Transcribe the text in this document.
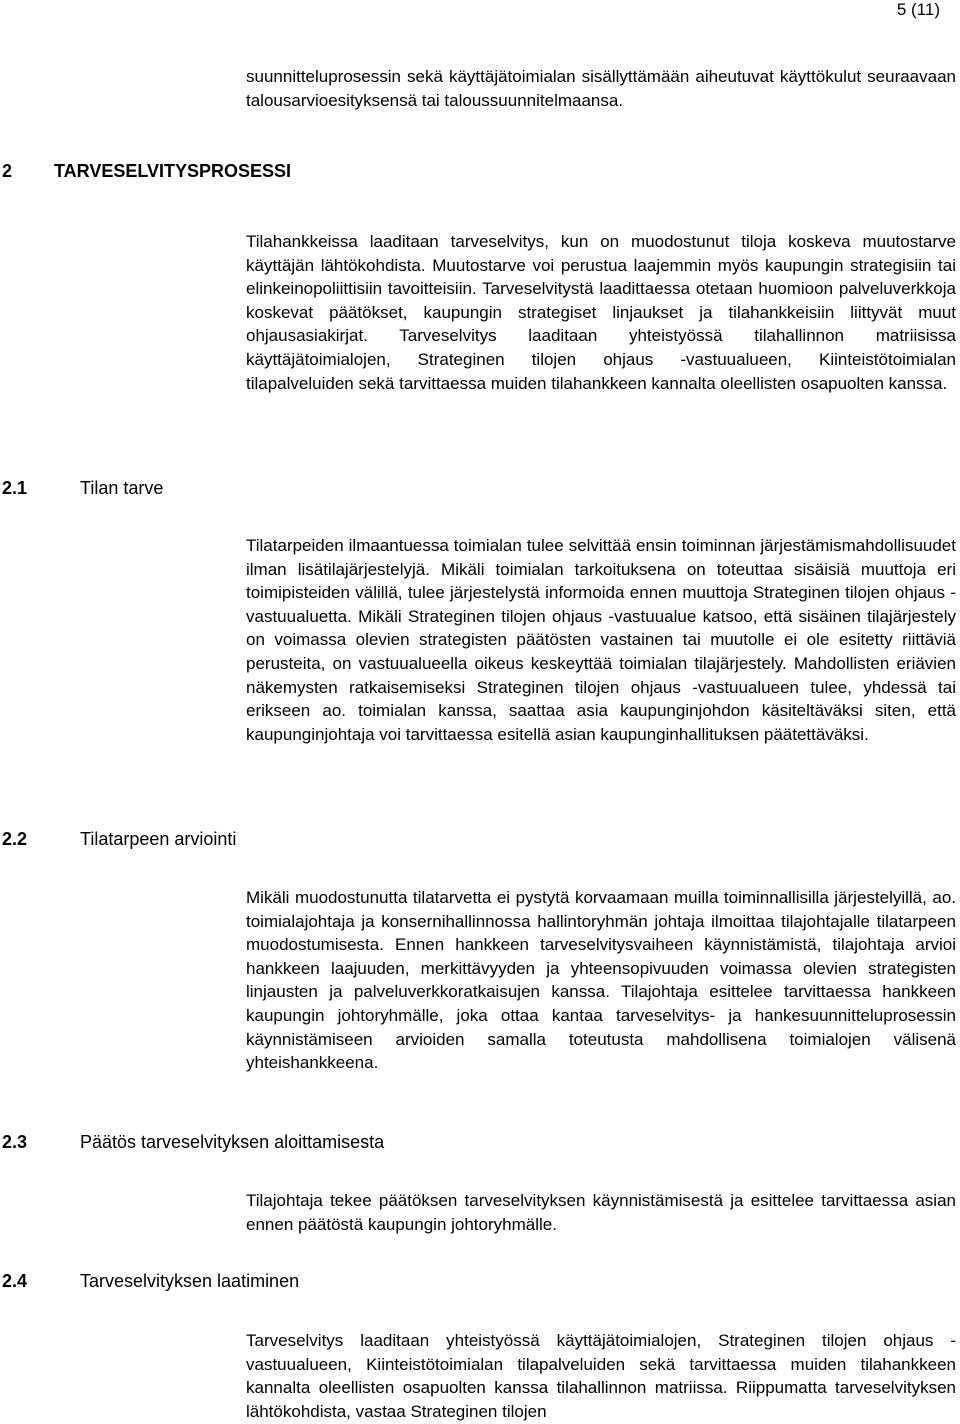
5 (11)

suunnitteluprosessin sekä käyttäjätoimialan sisällyttämään aiheutuvat käyttökulut seuraavaan talousarvioesityksensä tai taloussuunnitelmaansa.

2 TARVESELVITYSPROSESSI

Tilahankkeissa laaditaan tarveselvitys, kun on muodostunut tiloja koskeva muutostarve käyttäjän lähtökohdista. Muutostarve voi perustua laajemmin myös kaupungin strategisiin tai elinkeinopoliittisiin tavoitteisiin. Tarveselvitystä laadittaessa otetaan huomioon palveluverkkoja koskevat päätökset, kaupungin strategiset linjaukset ja tilahankkeisiin liittyvät muut ohjausasiakirjat. Tarveselvitys laaditaan yhteistyössä tilahallinnon matriisissa käyttäjätoimialojen, Strateginen tilojen ohjaus -vastuualueen, Kiinteistötoimialan tilapalveluiden sekä tarvittaessa muiden tilahankkeen kannalta oleellisten osapuolten kanssa.

2.1	Tilan tarve

Tilatarpeiden ilmaantuessa toimialan tulee selvittää ensin toiminnan järjestämismahdollisuudet ilman lisätilajärjestelyjä. Mikäli toimialan tarkoituksena on toteuttaa sisäisiä muuttoja eri toimipisteiden välillä, tulee järjestelystä informoida ennen muuttoja Strateginen tilojen ohjaus -vastuualuetta. Mikäli Strateginen tilojen ohjaus -vastuualue katsoo, että sisäinen tilajärjestely on voimassa olevien strategisten päätösten vastainen tai muutolle ei ole esitetty riittäviä perusteita, on vastuualueella oikeus keskeyttää toimialan tilajärjestely. Mahdollisten eriävien näkemysten ratkaisemiseksi Strateginen tilojen ohjaus -vastuualueen tulee, yhdessä tai erikseen ao. toimialan kanssa, saattaa asia kaupunginjohdon käsiteltäväksi siten, että kaupunginjohtaja voi tarvittaessa esitellä asian kaupunginhallituksen päätettäväksi.

2.2	Tilatarpeen arviointi

Mikäli muodostunutta tilatarvetta ei pystytä korvaamaan muilla toiminnallisilla järjestelyillä, ao. toimialajohtaja ja konsernihallinnossa hallintoryhmän johtaja ilmoittaa tilajohtajalle tilatarpeen muodostumisesta. Ennen hankkeen tarveselvitysvaiheen käynnistämistä, tilajohtaja arvioi hankkeen laajuuden, merkittävyyden ja yhteensopivuuden voimassa olevien strategisten linjausten ja palveluverkkoratkaisujen kanssa. Tilajohtaja esittelee tarvittaessa hankkeen kaupungin johtoryhmälle, joka ottaa kantaa tarveselvitys- ja hankesuunnitteluprosessin käynnistämiseen arvioiden samalla toteutusta mahdollisena toimialojen välisenä yhteishankkeena.

2.3	Päätös tarveselvityksen aloittamisesta

Tilajohtaja tekee päätöksen tarveselvityksen käynnistämisestä ja esittelee tarvittaessa asian ennen päätöstä kaupungin johtoryhmälle.

2.4	Tarveselvityksen laatiminen

Tarveselvitys laaditaan yhteistyössä käyttäjätoimialojen, Strateginen tilojen ohjaus -vastuualueen, Kiinteistötoimialan tilapalveluiden sekä tarvittaessa muiden tilahankkeen kannalta oleellisten osapuolten kanssa tilahallinnon matriissa. Riippumatta tarveselvityksen lähtökohdista, vastaa Strateginen tilojen
